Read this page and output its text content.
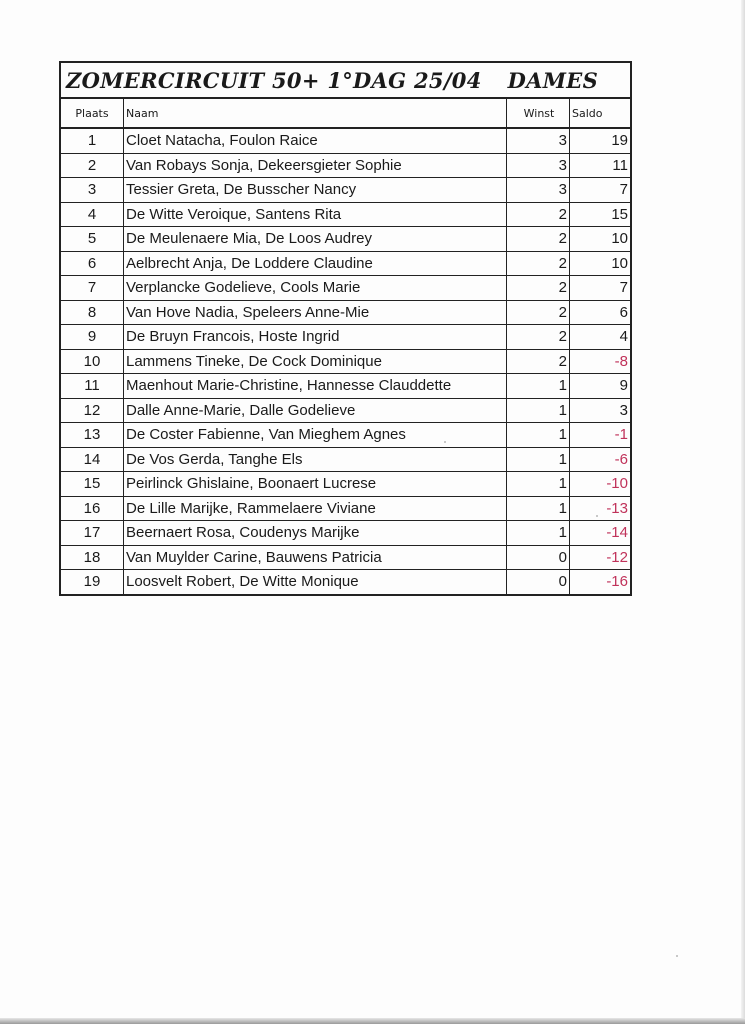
ZOMERCIRCUIT 50+ 1°DAG 25/04 DAMES
Plaats	Naam	Winst	Saldo
1	Cloet Natacha, Foulon Raice	3	19
2	Van Robays Sonja, Dekeersgieter Sophie	3	11
3	Tessier Greta, De Busscher Nancy	3	7
4	De Witte Veroique, Santens Rita	2	15
5	De Meulenaere Mia, De Loos Audrey	2	10
6	Aelbrecht Anja, De Loddere Claudine	2	10
7	Verplancke Godelieve, Cools Marie	2	7
8	Van Hove Nadia, Speleers Anne-Mie	2	6
9	De Bruyn Francois, Hoste Ingrid	2	4
10	Lammens Tineke, De Cock Dominique	2	-8
11	Maenhout Marie-Christine, Hannesse Clauddette	1	9
12	Dalle Anne-Marie, Dalle Godelieve	1	3
13	De Coster Fabienne, Van Mieghem Agnes	1	-1
14	De Vos Gerda, Tanghe Els	1	-6
15	Peirlinck Ghislaine, Boonaert Lucrese	1	-10
16	De Lille Marijke, Rammelaere Viviane	1	-13
17	Beernaert Rosa, Coudenys Marijke	1	-14
18	Van Muylder Carine, Bauwens Patricia	0	-12
19	Loosvelt Robert, De Witte Monique	0	-16
